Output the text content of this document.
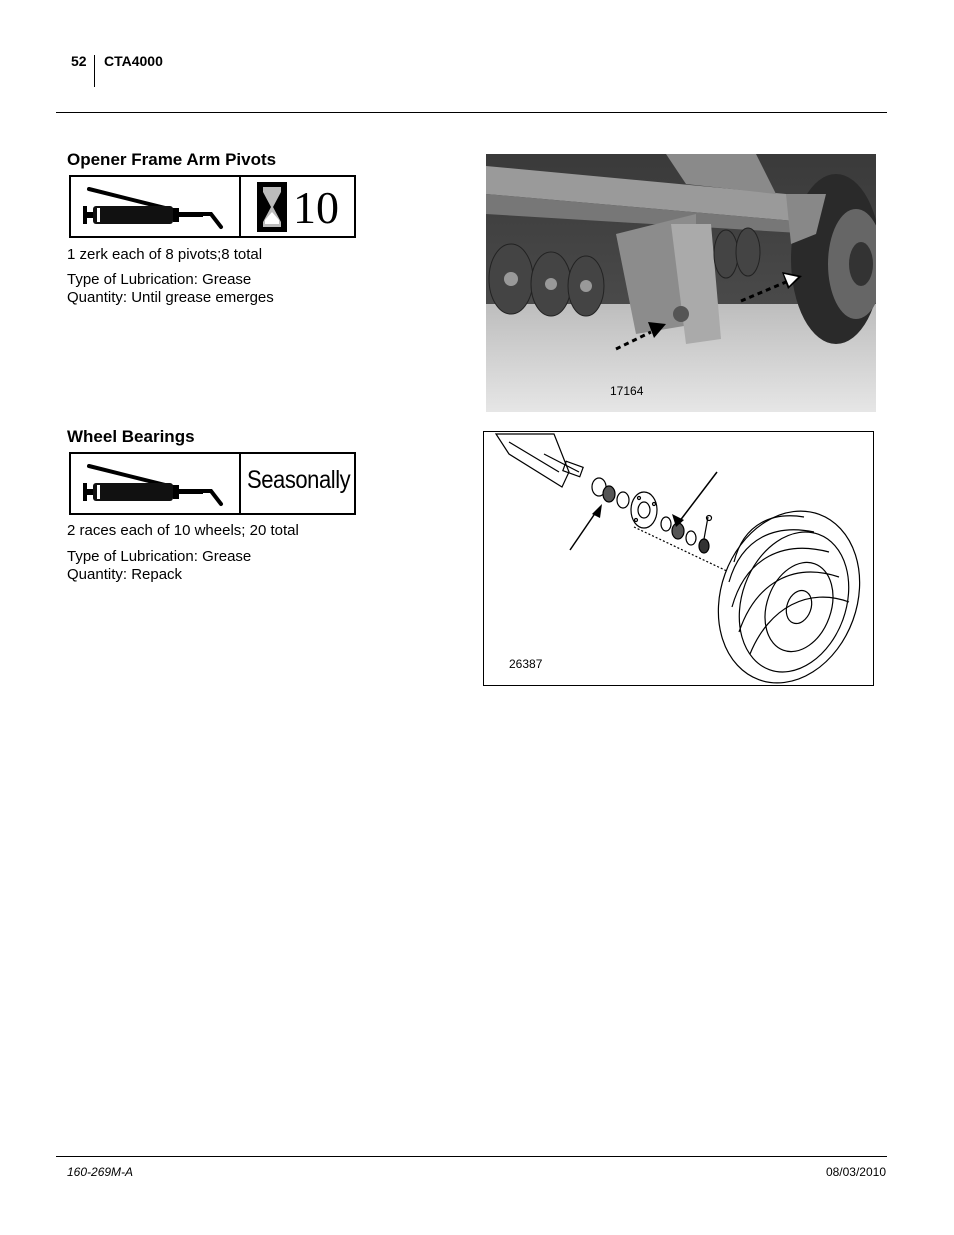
52 CTA4000
Opener Frame Arm Pivots
10
1 zerk each of 8 pivots;8 total
Type of Lubrication: Grease
Quantity: Until grease emerges
17164
Wheel Bearings
Seasonally
2 races each of 10 wheels; 20 total
Type of Lubrication: Grease
Quantity: Repack
26387
160-269M-A	08/03/2010
